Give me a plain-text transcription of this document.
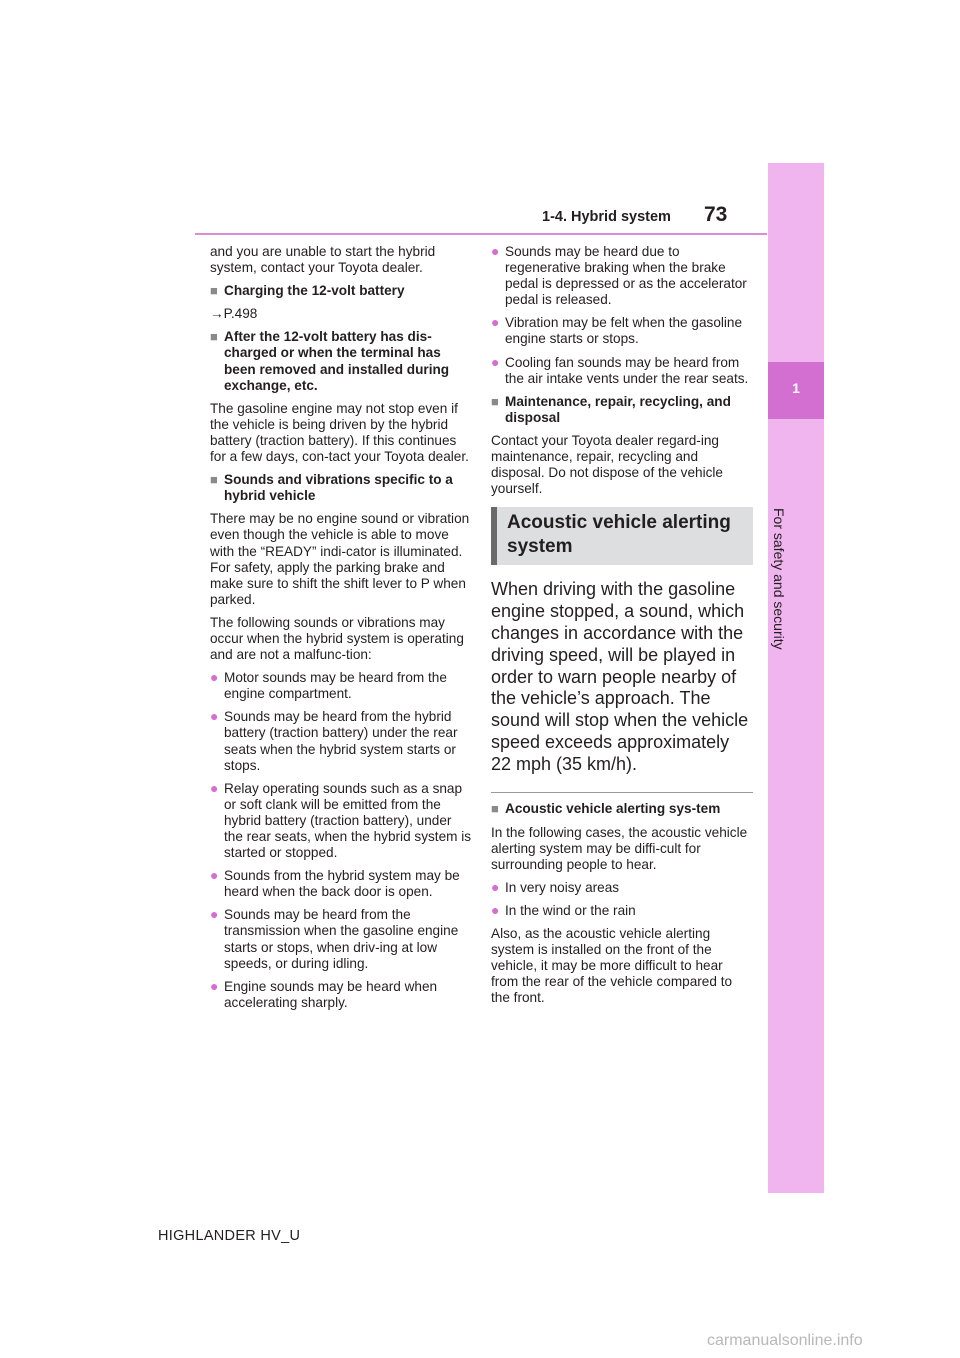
1-4. Hybrid system 73
1
For safety and security

and you are unable to start the hybrid system, contact your Toyota dealer.

■ Charging the 12-volt battery

→P.498

■ After the 12-volt battery has dis-charged or when the terminal has been removed and installed during exchange, etc.

The gasoline engine may not stop even if the vehicle is being driven by the hybrid battery (traction battery). If this continues for a few days, con-tact your Toyota dealer.

■ Sounds and vibrations specific to a hybrid vehicle

There may be no engine sound or vibration even though the vehicle is able to move with the “READY” indi-cator is illuminated. For safety, apply the parking brake and make sure to shift the shift lever to P when parked.

The following sounds or vibrations may occur when the hybrid system is operating and are not a malfunc-tion:

● Motor sounds may be heard from the engine compartment.
● Sounds may be heard from the hybrid battery (traction battery) under the rear seats when the hybrid system starts or stops.
● Relay operating sounds such as a snap or soft clank will be emitted from the hybrid battery (traction battery), under the rear seats, when the hybrid system is started or stopped.
● Sounds from the hybrid system may be heard when the back door is open.
● Sounds may be heard from the transmission when the gasoline engine starts or stops, when driv-ing at low speeds, or during idling.
● Engine sounds may be heard when accelerating sharply.
● Sounds may be heard due to regenerative braking when the brake pedal is depressed or as the accelerator pedal is released.
● Vibration may be felt when the gasoline engine starts or stops.
● Cooling fan sounds may be heard from the air intake vents under the rear seats.
■ Maintenance, repair, recycling, and disposal

Contact your Toyota dealer regard-ing maintenance, repair, recycling and disposal. Do not dispose of the vehicle yourself.

Acoustic vehicle alerting system

When driving with the gasoline engine stopped, a sound, which changes in accordance with the driving speed, will be played in order to warn people nearby of the vehicle’s approach. The sound will stop when the vehicle speed exceeds approximately 22 mph (35 km/h).

■ Acoustic vehicle alerting sys-tem

In the following cases, the acoustic vehicle alerting system may be diffi-cult for surrounding people to hear.

● In very noisy areas
● In the wind or the rain

Also, as the acoustic vehicle alerting system is installed on the front of the vehicle, it may be more difficult to hear from the rear of the vehicle compared to the front.

HIGHLANDER HV_U
carmanualsonline.info
